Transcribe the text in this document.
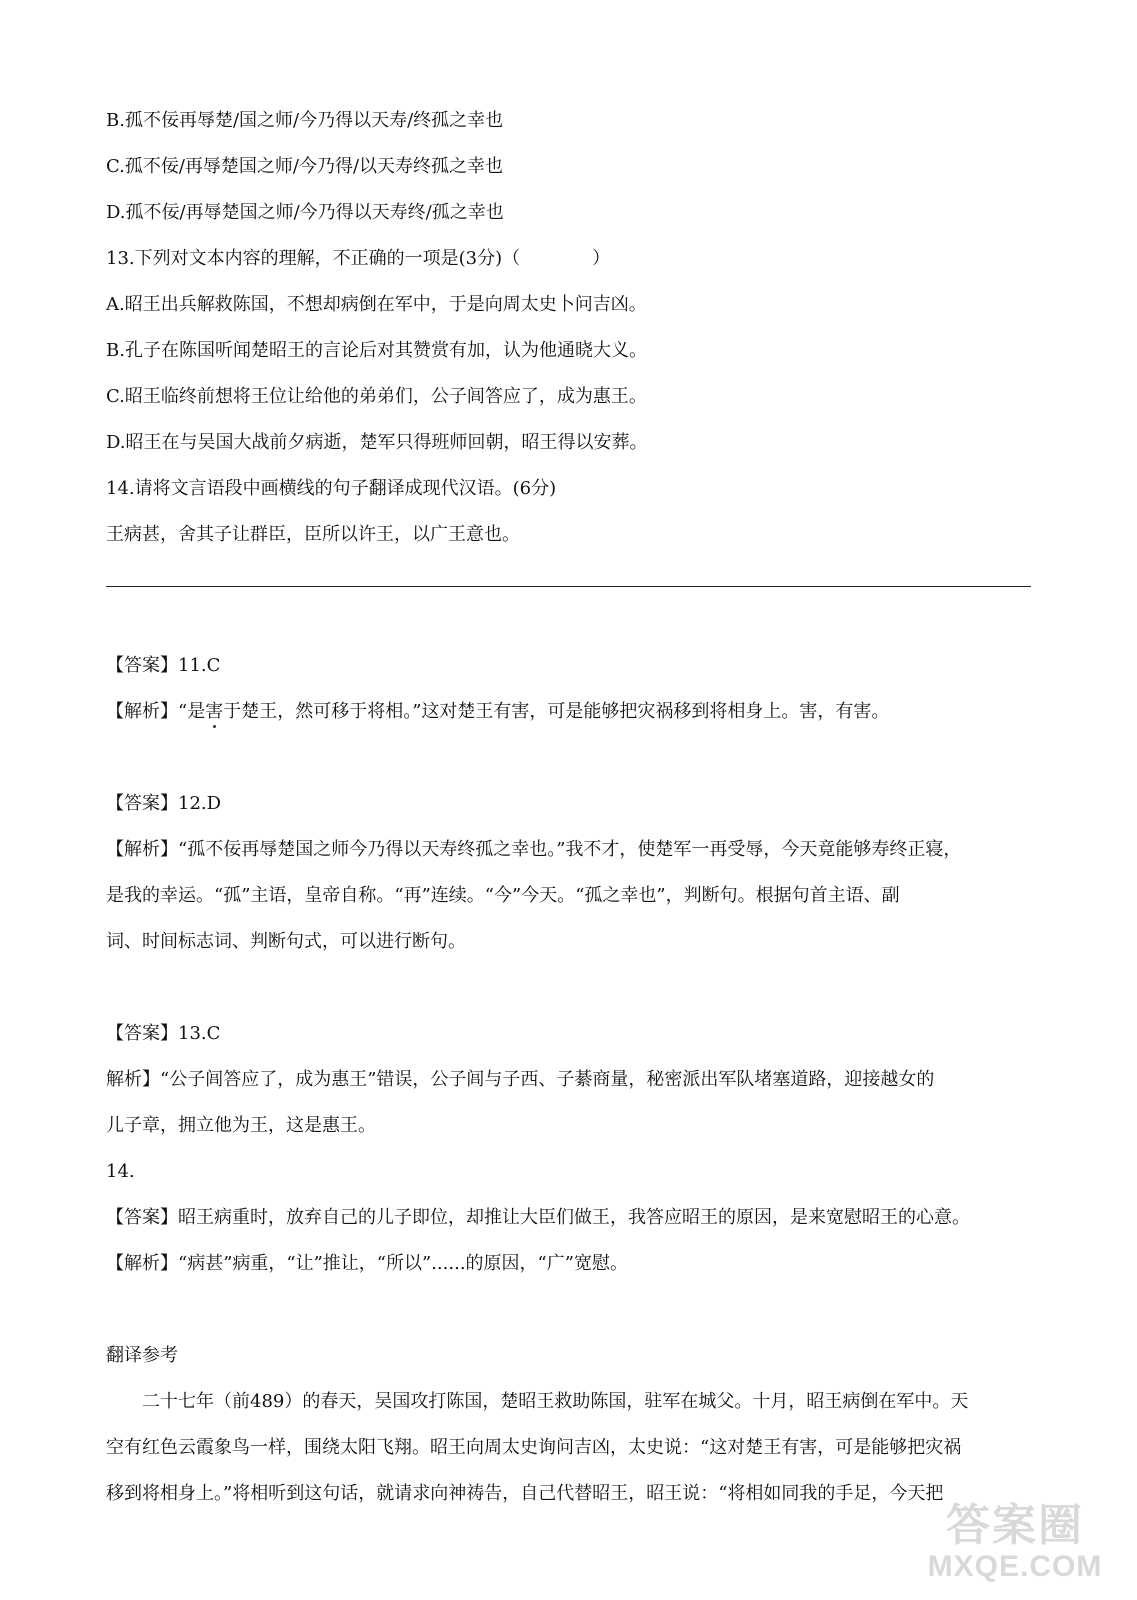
B.孤不佞再辱楚/国之师/今乃得以天寿/终孤之幸也

C.孤不佞/再辱楚国之师/今乃得/以天寿终孤之幸也

D.孤不佞/再辱楚国之师/今乃得以天寿终/孤之幸也

13.下列对文本内容的理解，不正确的一项是(3分)（　　　　）

A.昭王出兵解救陈国，不想却病倒在军中，于是向周太史卜问吉凶。

B.孔子在陈国听闻楚昭王的言论后对其赞赏有加，认为他通晓大义。

C.昭王临终前想将王位让给他的弟弟们，公子闾答应了，成为惠王。

D.昭王在与吴国大战前夕病逝，楚军只得班师回朝，昭王得以安葬。

14.请将文言语段中画横线的句子翻译成现代汉语。(6分)

王病甚，舍其子让群臣，臣所以许王，以广王意也。

【答案】11.C

【解析】“是害于楚王，然可移于将相。”这对楚王有害，可是能够把灾祸移到将相身上。害，有害。

【答案】12.D

【解析】“孤不佞再辱楚国之师今乃得以天寿终孤之幸也。”我不才，使楚军一再受辱，今天竟能够寿终正寝，

是我的幸运。“孤”主语，皇帝自称。“再”连续。“今”今天。“孤之幸也”，判断句。根据句首主语、副

词、时间标志词、判断句式，可以进行断句。

【答案】13.C

解析】“公子闾答应了，成为惠王”错误，公子闾与子西、子綦商量，秘密派出军队堵塞道路，迎接越女的

儿子章，拥立他为王，这是惠王。

14.

【答案】昭王病重时，放弃自己的儿子即位，却推让大臣们做王，我答应昭王的原因，是来宽慰昭王的心意。

【解析】“病甚”病重，“让”推让，“所以”......的原因，“广”宽慰。

翻译参考

二十七年（前489）的春天，吴国攻打陈国，楚昭王救助陈国，驻军在城父。十月，昭王病倒在军中。天

空有红色云霞象鸟一样，围绕太阳飞翔。昭王向周太史询问吉凶，太史说：“这对楚王有害，可是能够把灾祸

移到将相身上。”将相听到这句话，就请求向神祷告，自己代替昭王，昭王说：“将相如同我的手足，今天把

答案圈
MXQE.COM
